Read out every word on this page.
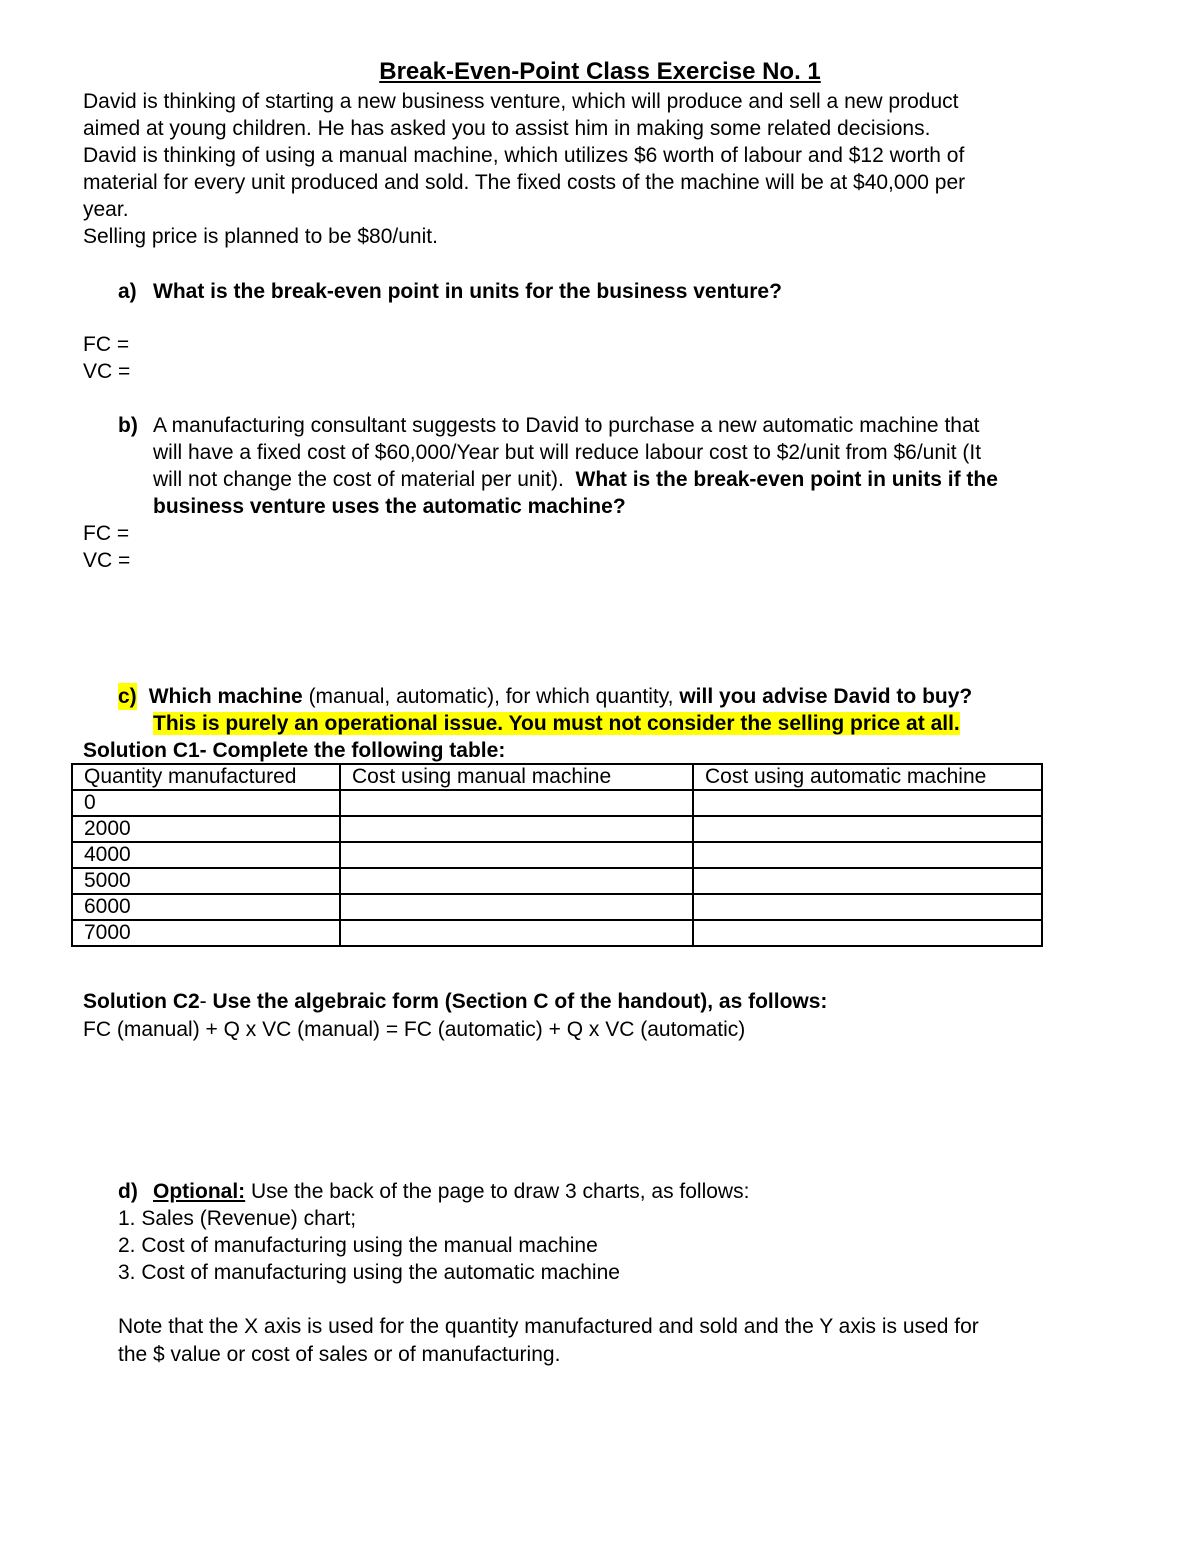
Break-Even-Point Class Exercise No. 1
David is thinking of starting a new business venture, which will produce and sell a new product
aimed at young children. He has asked you to assist him in making some related decisions.
David is thinking of using a manual machine, which utilizes $6 worth of labour and $12 worth of
material for every unit produced and sold. The fixed costs of the machine will be at $40,000 per
year.
Selling price is planned to be $80/unit.
a) What is the break-even point in units for the business venture?
FC =
VC =
b) A manufacturing consultant suggests to David to purchase a new automatic machine that
will have a fixed cost of $60,000/Year but will reduce labour cost to $2/unit from $6/unit (It
will not change the cost of material per unit). What is the break-even point in units if the
business venture uses the automatic machine?
FC =
VC =
c) Which machine (manual, automatic), for which quantity, will you advise David to buy?
This is purely an operational issue. You must not consider the selling price at all.
Solution C1- Complete the following table:
Quantity manufactured	Cost using manual machine	Cost using automatic machine
0		
2000		
4000		
5000		
6000		
7000		
Solution C2- Use the algebraic form (Section C of the handout), as follows:
FC (manual) + Q x VC (manual) = FC (automatic) + Q x VC (automatic)
d) Optional: Use the back of the page to draw 3 charts, as follows:
1. Sales (Revenue) chart;
2. Cost of manufacturing using the manual machine
3. Cost of manufacturing using the automatic machine
Note that the X axis is used for the quantity manufactured and sold and the Y axis is used for
the $ value or cost of sales or of manufacturing.
